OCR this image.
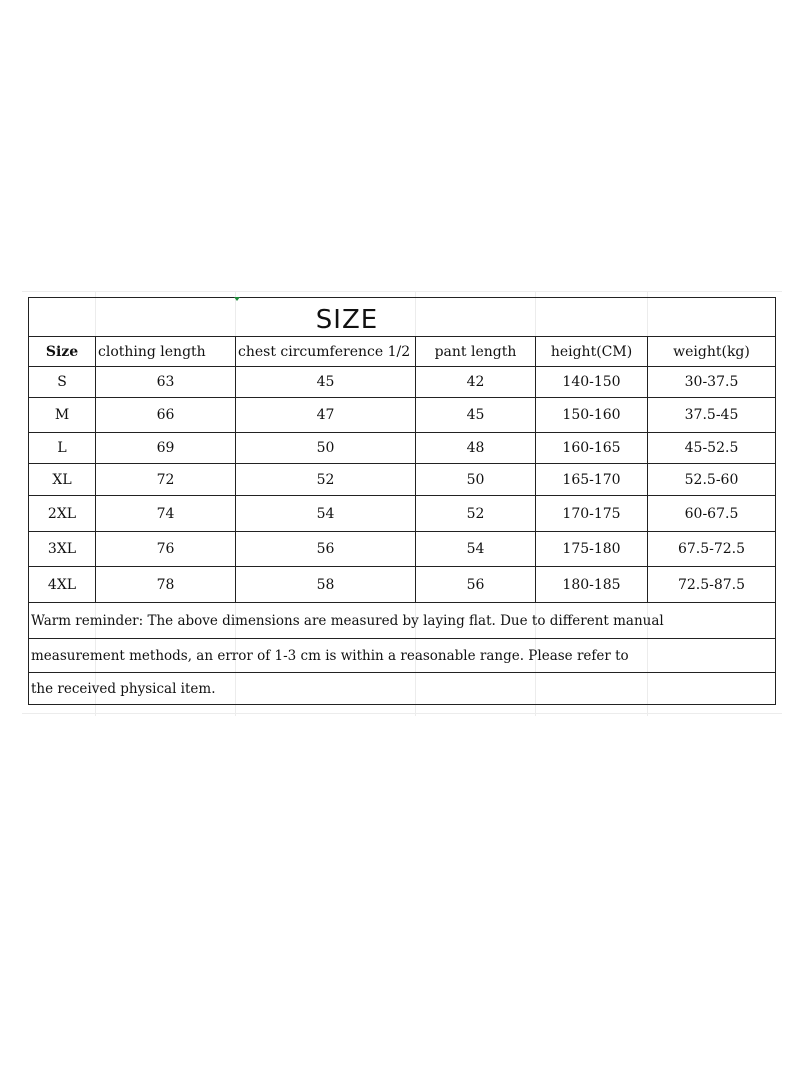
SIZE
Size	clothing length	chest circumference 1/2	pant length	height(CM)	weight(kg)
S	63	45	42	140-150	30-37.5
M	66	47	45	150-160	37.5-45
L	69	50	48	160-165	45-52.5
XL	72	52	50	165-170	52.5-60
2XL	74	54	52	170-175	60-67.5
3XL	76	56	54	175-180	67.5-72.5
4XL	78	58	56	180-185	72.5-87.5
Warm reminder: The above dimensions are measured by laying flat. Due to different manual
measurement methods, an error of 1-3 cm is within a reasonable range. Please refer to
the received physical item.
